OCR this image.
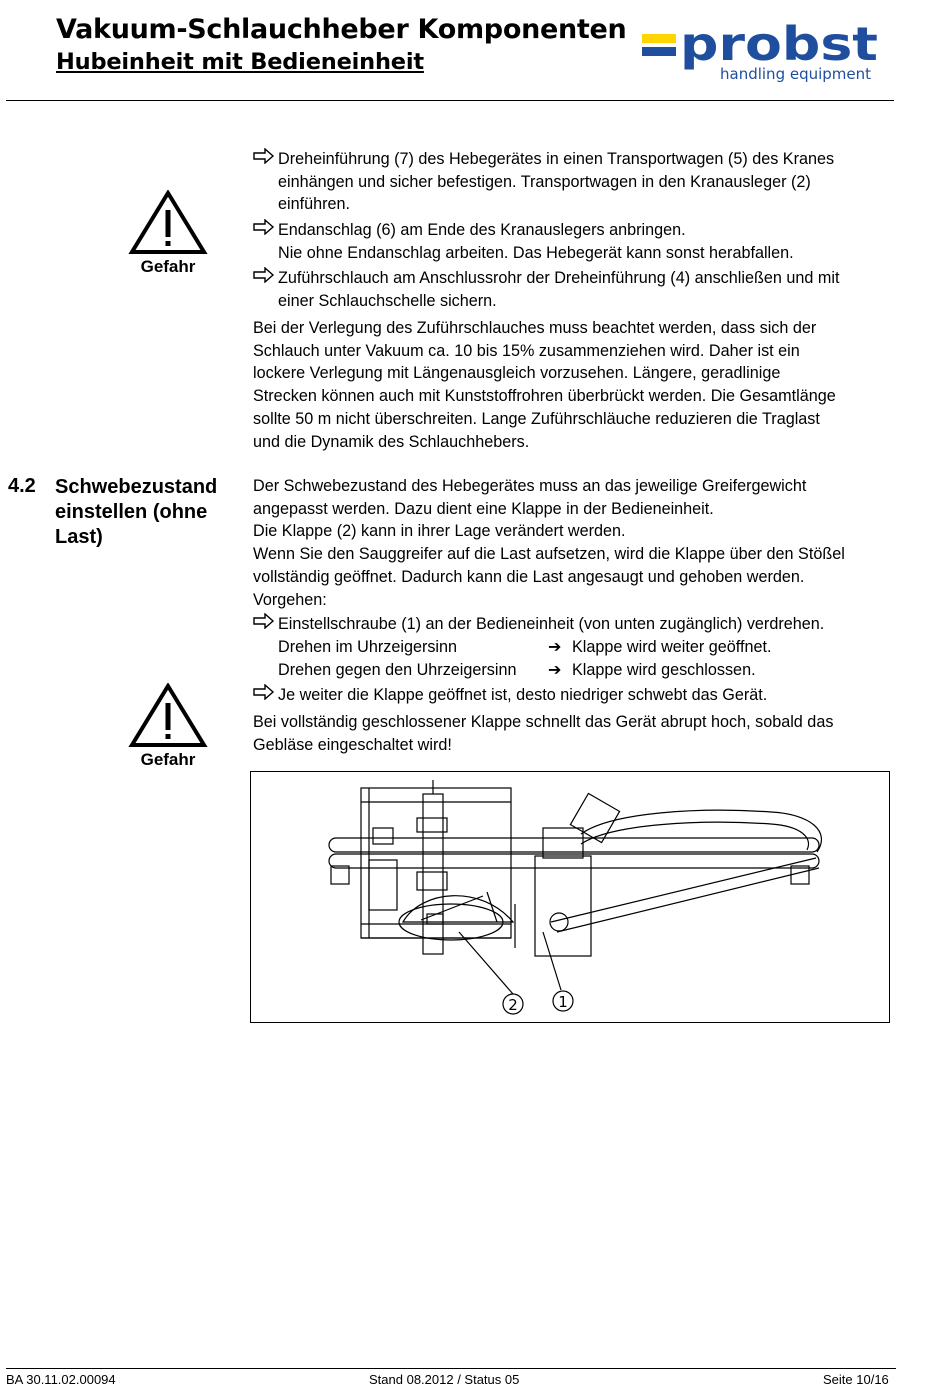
Vakuum-Schlauchheber Komponenten
Hubeinheit mit Bedieneinheit	probst
handling equipment
Gefahr
Dreheinführung (7) des Hebegerätes in einen Transportwagen (5) des Kranes
einhängen und sicher befestigen. Transportwagen in den Kranausleger (2)
einführen.
Endanschlag (6) am Ende des Kranauslegers anbringen.
Nie ohne Endanschlag arbeiten. Das Hebegerät kann sonst herabfallen.
Zuführschlauch am Anschlussrohr der Dreheinführung (4) anschließen und mit
einer Schlauchschelle sichern.
Bei der Verlegung des Zuführschlauches muss beachtet werden, dass sich der
Schlauch unter Vakuum ca. 10 bis 15% zusammenziehen wird. Daher ist ein
lockere Verlegung mit Längenausgleich vorzusehen. Längere, geradlinige
Strecken können auch mit Kunststoffrohren überbrückt werden. Die Gesamtlänge
sollte 50 m nicht überschreiten. Lange Zuführschläuche reduzieren die Traglast
und die Dynamik des Schlauchhebers.
4.2 Schwebezustand
einstellen (ohne
Last)
Der Schwebezustand des Hebegerätes muss an das jeweilige Greifergewicht
angepasst werden. Dazu dient eine Klappe in der Bedieneinheit.
Die Klappe (2) kann in ihrer Lage verändert werden.
Wenn Sie den Sauggreifer auf die Last aufsetzen, wird die Klappe über den Stößel
vollständig geöffnet. Dadurch kann die Last angesaugt und gehoben werden.
Vorgehen:
Einstellschraube (1) an der Bedieneinheit (von unten zugänglich) verdrehen.
Drehen im Uhrzeigersinn	➔ Klappe wird weiter geöffnet.
Drehen gegen den Uhrzeigersinn ➔ Klappe wird geschlossen.
Je weiter die Klappe geöffnet ist, desto niedriger schwebt das Gerät.
Bei vollständig geschlossener Klappe schnellt das Gerät abrupt hoch, sobald das
Gebläse eingeschaltet wird!
Gefahr
2	1
BA 30.11.02.00094	Stand 08.2012 / Status 05	Seite 10/16
